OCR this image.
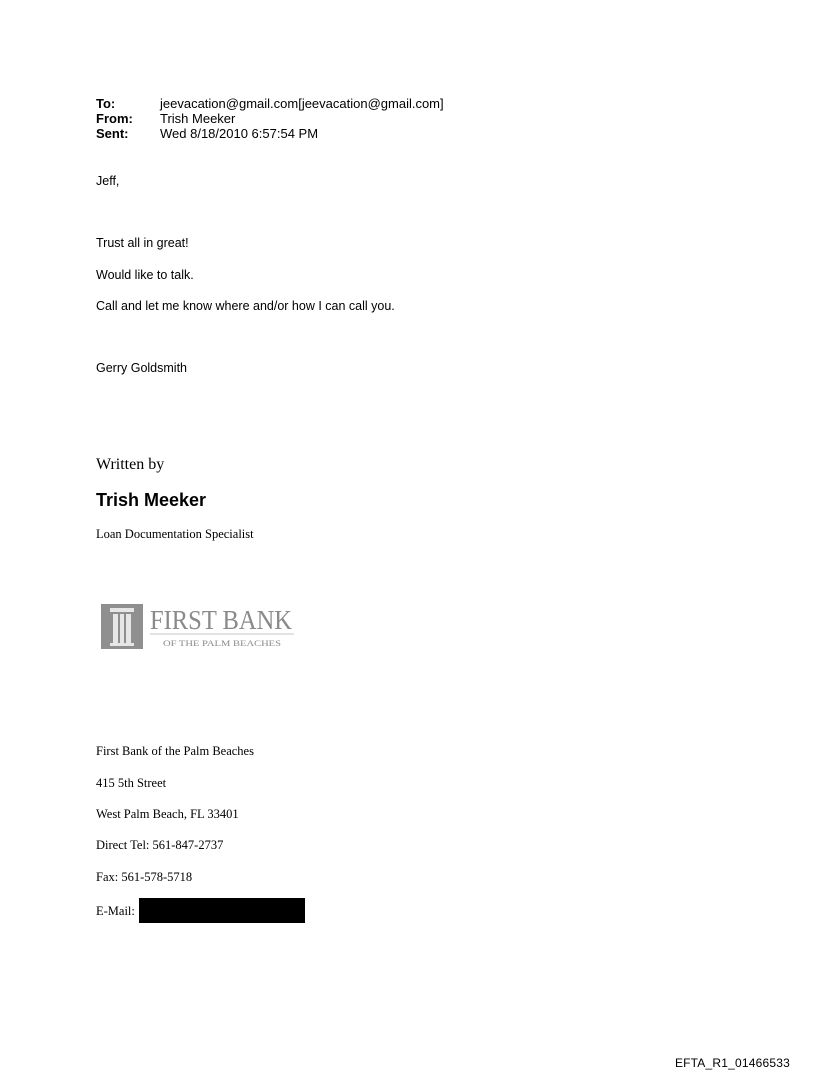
To:	jeevacation@gmail.com[jeevacation@gmail.com]
From: Trish Meeker
Sent: Wed 8/18/2010 6:57:54 PM
Jeff,
Trust all in great!
Would like to talk.
Call and let me know where and/or how I can call you.
Gerry Goldsmith
Written by
Trish Meeker
Loan Documentation Specialist
FIRST BANK
OF THE PALM BEACHES
First Bank of the Palm Beaches
415 5th Street
West Palm Beach, FL 33401
Direct Tel: 561-847-2737
Fax: 561-578-5718
E-Mail:
EFTA_R1_01466533
